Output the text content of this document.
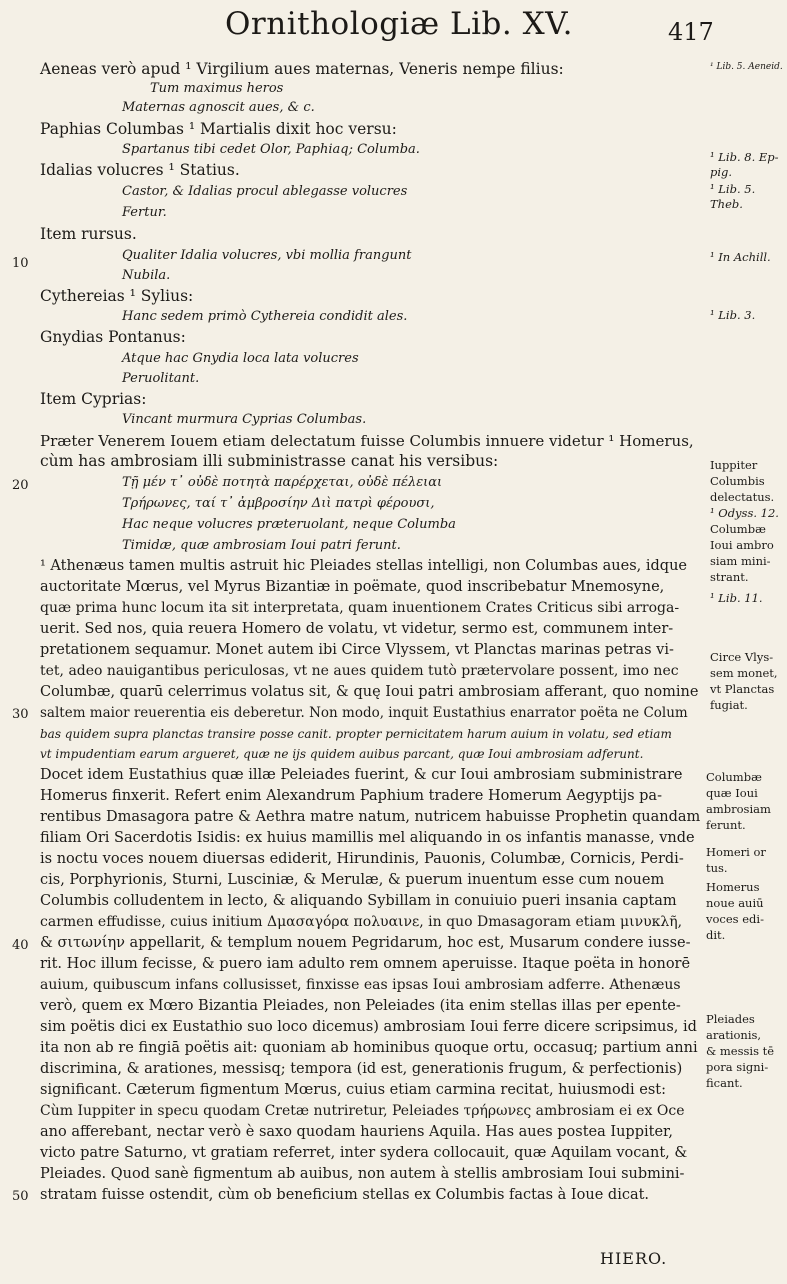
Ornithologiæ Lib. XV.	417
Aeneas verò apud ¹ Virgilium aues maternas, Veneris nempe filius:
Tum maximus heros
Maternas agnoscit aues, & c.
Paphias Columbas ¹ Martialis dixit hoc versu:
Spartanus tibi cedet Olor, Paphiaq; Columba.
Idalias volucres ¹ Statius.
Castor, & Idalias procul ablegasse volucres
Fertur.
Item rursus.
Qualiter Idalia volucres, vbi mollia frangunt
Nubila.
Cythereias ¹ Sylius:
Hanc sedem primò Cythereia condidit ales.
Gnydias Pontanus:
Atque hac Gnydia loca lata volucres
Peruolitant.
Item Cyprias:
Vincant murmura Cyprias Columbas.
Præter Venerem Iouem etiam delectatum fuisse Columbis innuere videtur ¹ Homerus,
cùm has ambrosiam illi subministrasse canat his versibus:
Τῇ μέν τ᾽ οὐδὲ ποτητὰ παρέρχεται, οὐδὲ πέλειαι
Τρήρωνες, ταί τ᾽ ἀμβροσίην Διὶ πατρὶ φέρουσι,
Hac neque volucres præteruolant, neque Columba
Timidæ, quæ ambrosiam Ioui patri ferunt.
¹ Athenæus tamen multis astruit hic Pleiades stellas intelligi, non Columbas aues, idque
auctoritate Mœrus, vel Myrus Bizantiæ in poëmate, quod inscribebatur Mnemosyne,
quæ prima hunc locum ita sit interpretata, quam inuentionem Crates Criticus sibi arroga-
uerit. Sed nos, quia reuera Homero de volatu, vt videtur, sermo est, communem inter-
pretationem sequamur. Monet autem ibi Circe Vlyssem, vt Planctas marinas petras vi-
tet, adeo nauigantibus periculosas, vt ne aues quidem tutò prætervolare possent, imo nec
Columbæ, quarū celerrimus volatus sit, & quę Ioui patri ambrosiam afferant, quo nomine
saltem maior reuerentia eis deberetur. Non modo, inquit Eustathius enarrator poëta ne Colum
bas quidem supra planctas transire posse canit. propter pernicitatem harum auium in volatu, sed etiam
vt impudentiam earum argueret, quæ ne ijs quidem auibus parcant, quæ Ioui ambrosiam adferunt.
Docet idem Eustathius quæ illæ Peleiades fuerint, & cur Ioui ambrosiam subministrare
Homerus finxerit. Refert enim Alexandrum Paphium tradere Homerum Aegyptijs pa-
rentibus Dmasagora patre & Aethra matre natum, nutricem habuisse Prophetin quandam
filiam Ori Sacerdotis Isidis: ex huius mamillis mel aliquando in os infantis manasse, vnde
is noctu voces nouem diuersas ediderit, Hirundinis, Pauonis, Columbæ, Cornicis, Perdi-
cis, Porphyrionis, Sturni, Lusciniæ, & Merulæ, & puerum inuentum esse cum nouem
Columbis colludentem in lecto, & aliquando Sybillam in conuiuio pueri insania captam
carmen effudisse, cuius initium Δμασαγόρα πολυαινε, in quo Dmasagoram etiam μινυκλῆ,
& σιτωνίην appellarit, & templum nouem Pegridarum, hoc est, Musarum condere iusse-
rit. Hoc illum fecisse, & puero iam adulto rem omnem aperuisse. Itaque poëta in honorē
auium, quibuscum infans collusisset, finxisse eas ipsas Ioui ambrosiam adferre. Athenæus
verò, quem ex Mœro Bizantia Pleiades, non Peleiades (ita enim stellas illas per epente-
sim poëtis dici ex Eustathio suo loco dicemus) ambrosiam Ioui ferre dicere scripsimus, id
ita non ab re fingiā poëtis ait: quoniam ab hominibus quoque ortu, occasuq; partium anni
discrimina, & arationes, messisq; tempora (id est, generationis frugum, & perfectionis)
significant. Cæterum figmentum Mœrus, cuius etiam carmina recitat, huiusmodi est:
Cùm Iuppiter in specu quodam Cretæ nutriretur, Peleiades τρήρωνες ambrosiam ei ex Oce
ano afferebant, nectar verò è saxo quodam hauriens Aquila. Has aues postea Iuppiter,
victo patre Saturno, vt gratiam referret, inter sydera collocauit, quæ Aquilam vocant, &
Pleiades. Quod sanè figmentum ab auibus, non autem à stellis ambrosiam Ioui submini-
stratam fuisse ostendit, cùm ob beneficium stellas ex Columbis factas à Ioue dicat.
10
20
30
40
50
¹ Lib. 5. Aeneid.
¹ Lib. 8. Ep-
pig.
¹ Lib. 5.
Theb.
¹ In Achill.
¹ Lib. 3.
Iuppiter
Columbis
delectatus.
¹ Odyss. 12.
Columbæ
Ioui ambro
siam mini-
strant.
¹ Lib. 11.
Circe Vlys-
sem monet,
vt Planctas
fugiat.
Columbæ
quæ Ioui
ambrosiam
ferunt.
Homeri or
tus.
Homerus
noue auiū
voces edi-
dit.
Pleiades
arationis,
& messis tē
pora signi-
ficant.
HIERO.
